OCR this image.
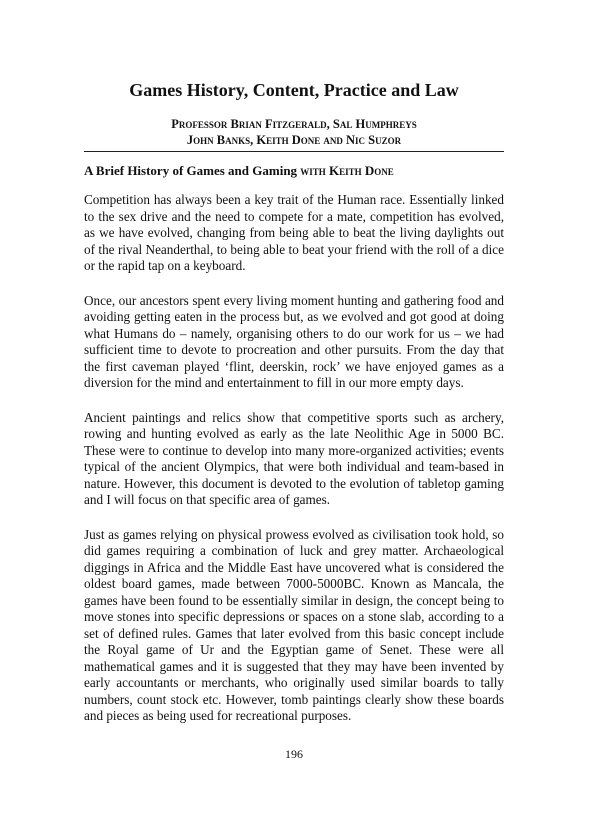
Games History, Content, Practice and Law
Professor Brian Fitzgerald, Sal Humphreys
John Banks, Keith Done and Nic Suzor
A Brief History of Games and Gaming with Keith Done

Competition has always been a key trait of the Human race. Essentially linked to the sex drive and the need to compete for a mate, competition has evolved, as we have evolved, changing from being able to beat the living daylights out of the rival Neanderthal, to being able to beat your friend with the roll of a dice or the rapid tap on a keyboard.

Once, our ancestors spent every living moment hunting and gathering food and avoiding getting eaten in the process but, as we evolved and got good at doing what Humans do – namely, organising others to do our work for us – we had sufficient time to devote to procreation and other pursuits. From the day that the first caveman played ‘flint, deerskin, rock’ we have enjoyed games as a diversion for the mind and entertainment to fill in our more empty days.

Ancient paintings and relics show that competitive sports such as archery, rowing and hunting evolved as early as the late Neolithic Age in 5000 BC. These were to continue to develop into many more-organized activities; events typical of the ancient Olympics, that were both individual and team-based in nature. However, this document is devoted to the evolution of tabletop gaming and I will focus on that specific area of games.

Just as games relying on physical prowess evolved as civilisation took hold, so did games requiring a combination of luck and grey matter. Archaeological diggings in Africa and the Middle East have uncovered what is considered the oldest board games, made between 7000-5000BC. Known as Mancala, the games have been found to be essentially similar in design, the concept being to move stones into specific depressions or spaces on a stone slab, according to a set of defined rules. Games that later evolved from this basic concept include the Royal game of Ur and the Egyptian game of Senet. These were all mathematical games and it is suggested that they may have been invented by early accountants or merchants, who originally used similar boards to tally numbers, count stock etc. However, tomb paintings clearly show these boards and pieces as being used for recreational purposes.

196
